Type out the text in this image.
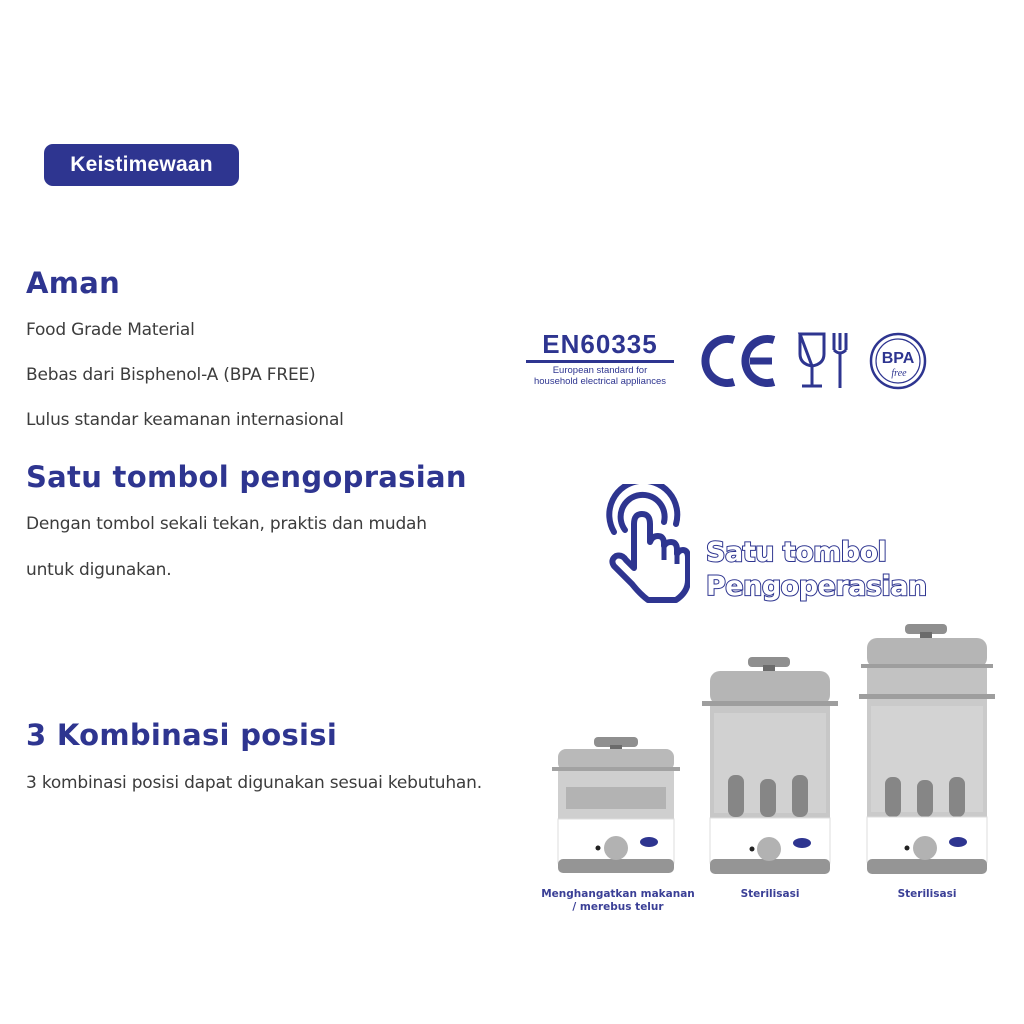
Keistimewaan
Aman
Food Grade Material
Bebas dari Bisphenol-A (BPA FREE)
Lulus standar keamanan internasional
Satu tombol pengoprasian
Dengan tombol sekali tekan, praktis dan mudah
untuk digunakan.
3 Kombinasi posisi
3 kombinasi posisi dapat digunakan sesuai kebutuhan.
EN60335
European standard for
household electrical appliances
BPA
free
Satu tombol
Pengoperasian
Menghangatkan makanan
/ merebus telur
Sterilisasi	Sterilisasi
